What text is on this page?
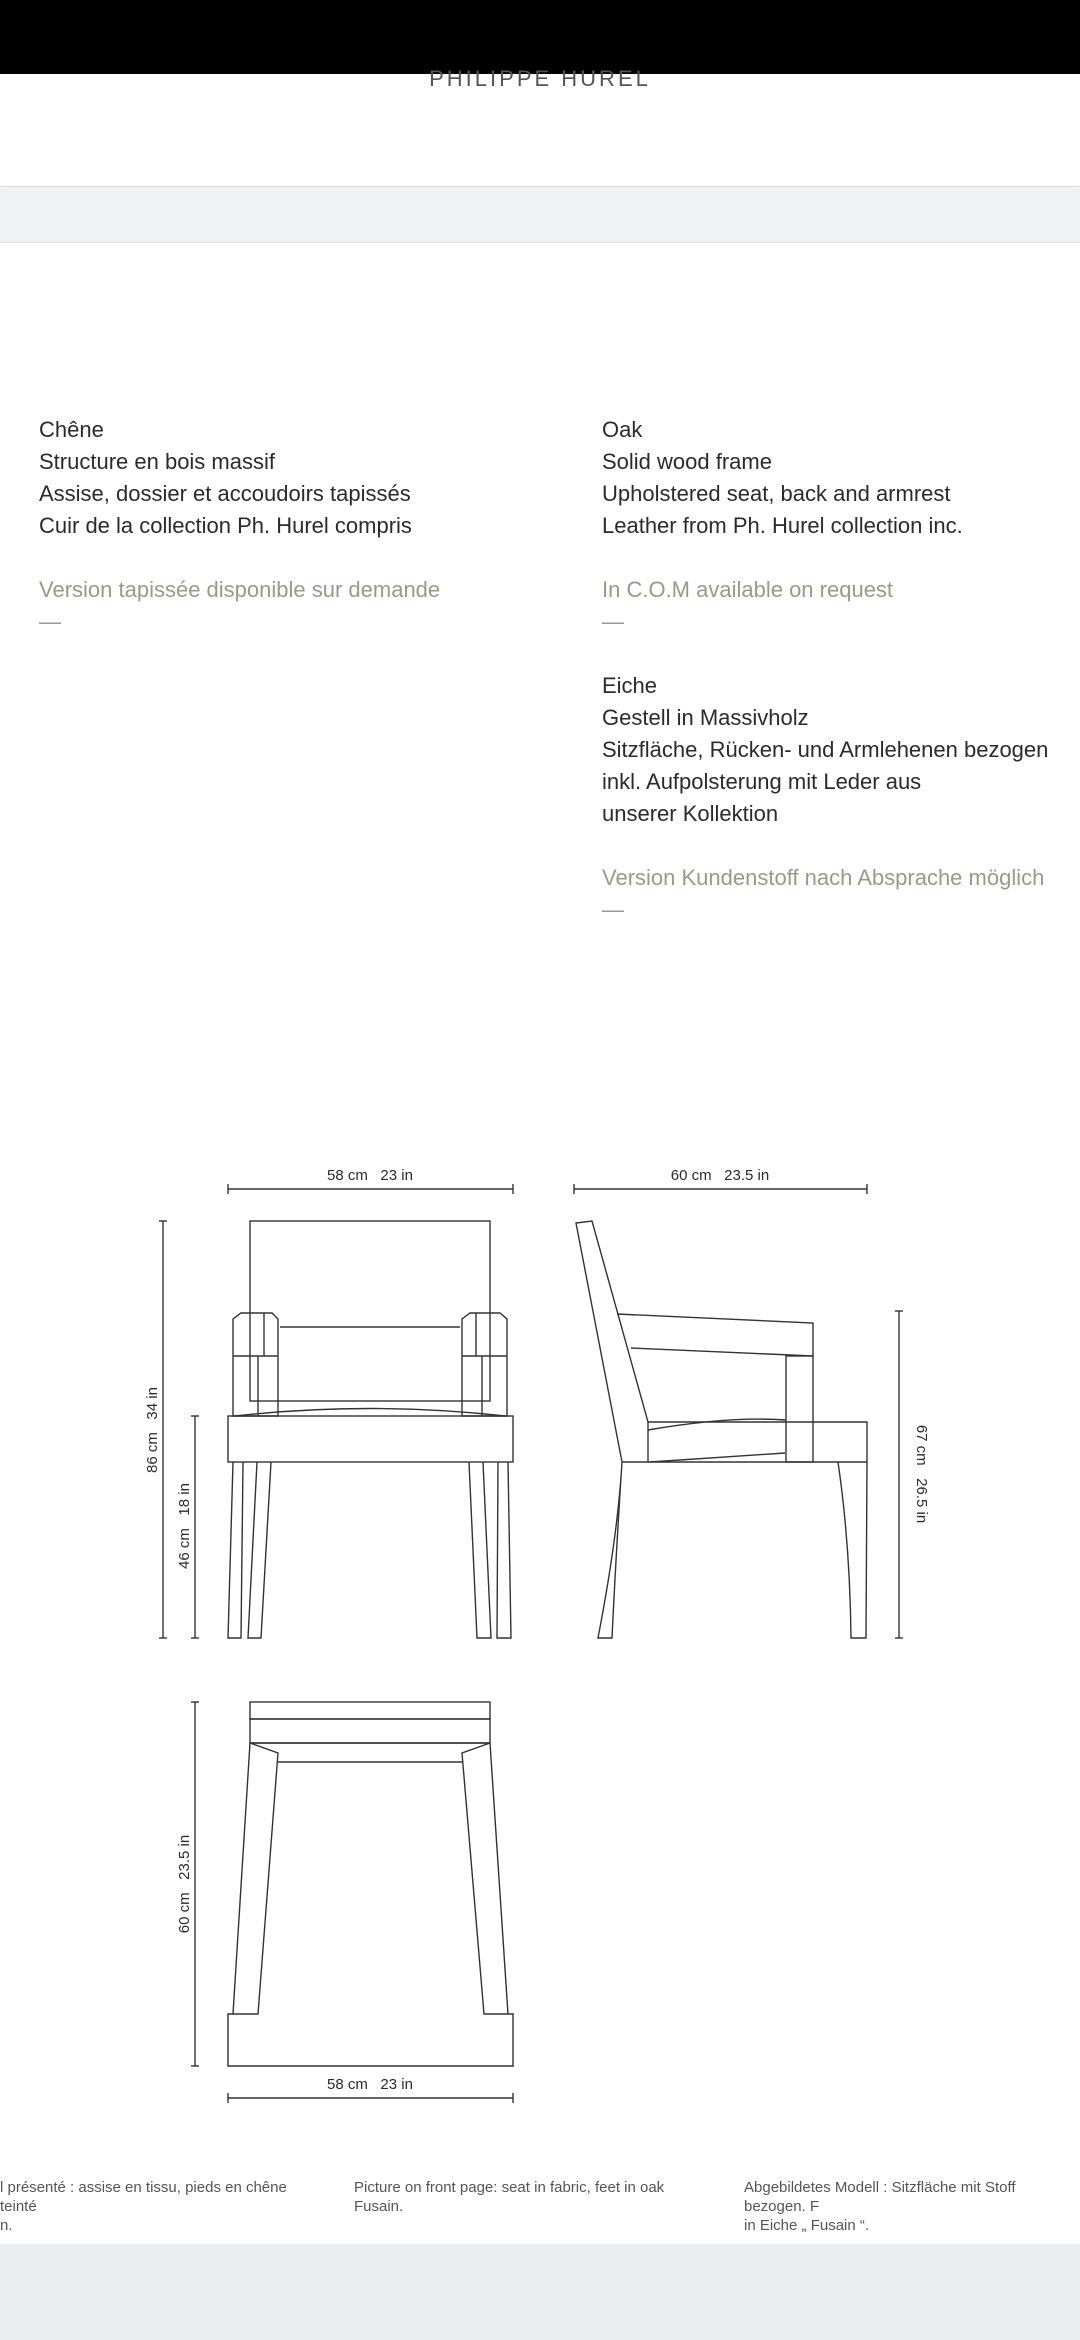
PHILIPPE HUREL
Chêne
Structure en bois massif
Assise, dossier et accoudoirs tapissés
Cuir de la collection Ph. Hurel compris
Version tapissée disponible sur demande
—
Oak
Solid wood frame
Upholstered seat, back and armrest
Leather from Ph. Hurel collection inc.
In C.O.M available on request
—
Eiche
Gestell in Massivholz
Sitzfläche, Rücken- und Armlehenen bezogen
inkl. Aufpolsterung mit Leder aus
unserer Kollektion
Version Kundenstoff nach Absprache möglich
—
58 cm   23 in	60 cm   23.5 in
86 cm   34 in
46 cm   18 in
67 cm   26.5 in
60 cm   23.5 in
58 cm   23 in
l présenté : assise en tissu, pieds en chêne teinté
n.
Picture on front page: seat in fabric, feet in oak Fusain.
Abgebildetes Modell : Sitzfläche mit Stoff bezogen. F
in Eiche „ Fusain “.
